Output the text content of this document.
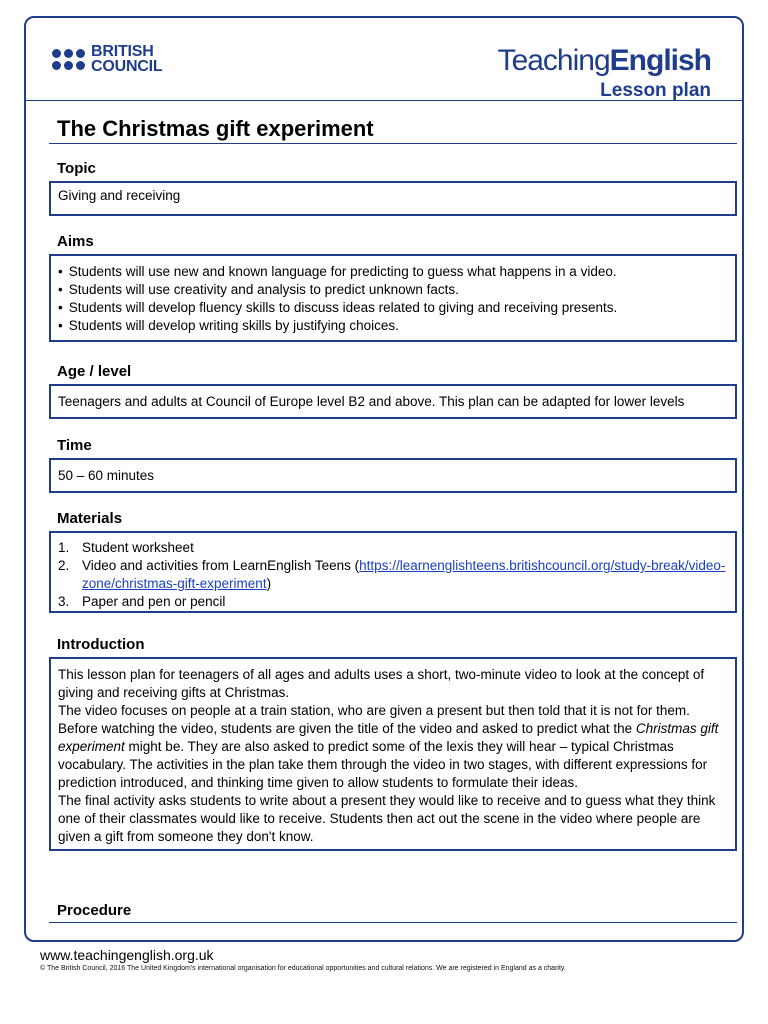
BRITISH
COUNCIL	TeachingEnglish
Lesson plan
The Christmas gift experiment
Topic
Giving and receiving
Aims
• Students will use new and known language for predicting to guess what happens in a video.
• Students will use creativity and analysis to predict unknown facts.
• Students will develop fluency skills to discuss ideas related to giving and receiving presents.
• Students will develop writing skills by justifying choices.
Age / level
Teenagers and adults at Council of Europe level B2 and above. This plan can be adapted for lower levels
Time
50 – 60 minutes
Materials
1. Student worksheet
2. Video and activities from LearnEnglish Teens (https://learnenglishteens.britishcouncil.org/study-break/video-zone/christmas-gift-experiment)
3. Paper and pen or pencil
Introduction

This lesson plan for teenagers of all ages and adults uses a short, two-minute video to look at the concept of giving and receiving gifts at Christmas.

The video focuses on people at a train station, who are given a present but then told that it is not for them. Before watching the video, students are given the title of the video and asked to predict what the Christmas gift experiment might be. They are also asked to predict some of the lexis they will hear – typical Christmas vocabulary. The activities in the plan take them through the video in two stages, with different expressions for prediction introduced, and thinking time given to allow students to formulate their ideas.

The final activity asks students to write about a present they would like to receive and to guess what they think one of their classmates would like to receive. Students then act out the scene in the video where people are given a gift from someone they don't know.

Procedure
www.teachingenglish.org.uk
© The British Council, 2016 The United Kingdom's international organisation for educational opportunities and cultural relations. We are registered in England as a charity.
